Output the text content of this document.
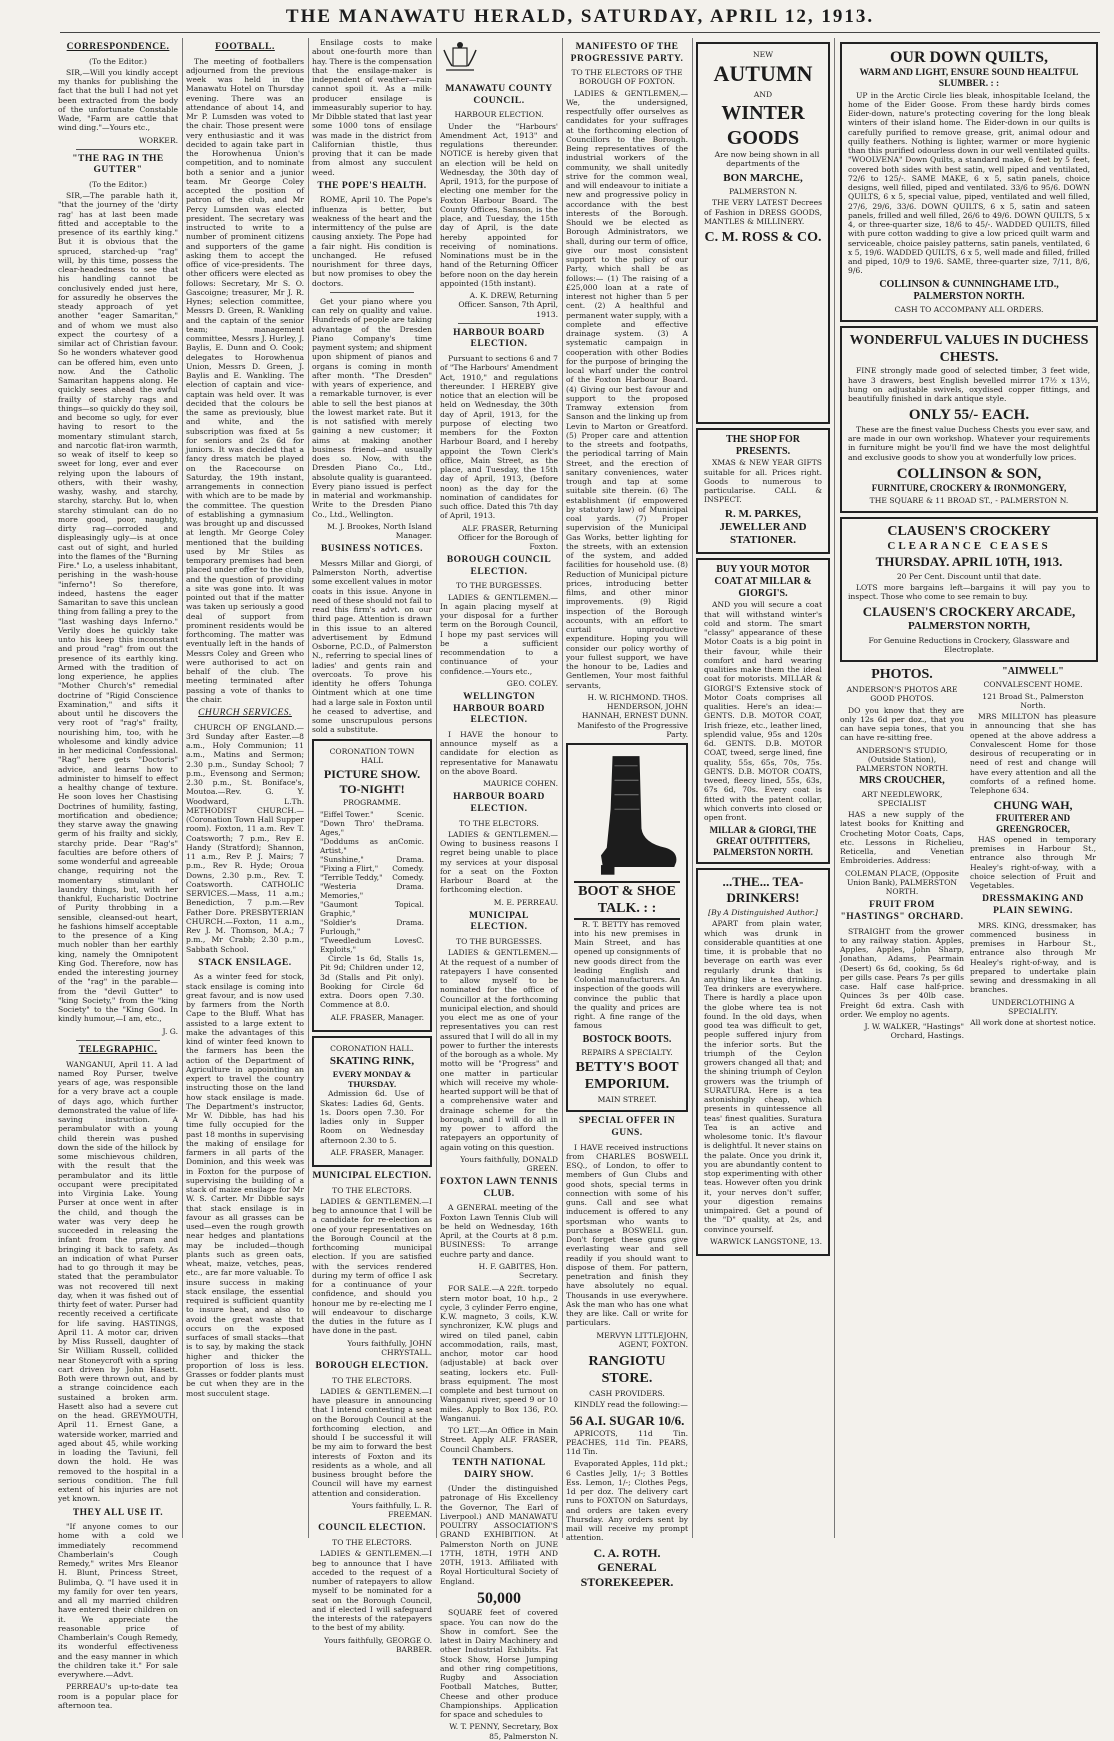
THE MANAWATU HERALD, SATURDAY, APRIL 12, 1913.
CORRESPONDENCE.
(To the Editor.)

SIR,—Will you kindly accept my thanks for publishing the fact that the bull I had not yet been extracted from the body of the unfortunate Constable Wade, "Farm are cattle that wind ding."—Yours etc.,

WORKER.
"THE RAG IN THE GUTTER"
(To the Editor.)

SIR,—The parable hath it, "that the journey of the 'dirty rag' has at last been made fitted and acceptable to the presence of its earthly king." But it is obvious that the spruced, starched-up "rag" will, by this time, possess the clear-headedness to see that his handling cannot be conclusively ended just here, for assuredly he observes the steady approach of yet another "eager Samaritan," and of whom we must also expect the courtesy of a similar act of Christian favour. So he wonders whatever good can be offered him, even unto now. And the Catholic Samaritan happens along. He quickly sees ahead the awful frailty of starchy rags and things—so quickly do they soil, and become so ugly, for ever having to resort to the momentary stimulant starch, and narcotic flat-iron warmth, so weak of itself to keep so sweet for long, ever and ever relying upon the labours of others, with their washy, washy, washy, and starchy, starchy, starchy. But lo, when starchy stimulant can do no more good, poor, naughty, dirty rag—corroded and displeasingly ugly—is at once cast out of sight, and hurled into the flames of the "Burning Fire." Lo, a useless inhabitant, perishing in the wash-house "inferno"! So therefore, indeed, hastens the eager Samaritan to save this unclean thing from falling a prey to the "last washing days Inferno." Verily does he quickly take unto his keep this inconstant and proud "rag" from out the presence of its earthly king. Armed with the tradition of long experience, he applies "Mother Church's" remedial doctrine of "Rigid Conscience Examination," and sifts it about until he discovers the very root of "rag's" frailty, nourishing him, too, with he wholesome and kindly advice in her medicinal Confessional. "Rag" here gets "Doctoris" advice, and learns how to administer to himself to effect a healthy change of texture. He soon loves her Chastising Doctrines of humility, fasting, mortification and obedience; they starve away the gnawing germ of his frailty and sickly, starchy pride. Dear "Rag's" faculties are before others of some wonderful and agreeable change, requiring not the momentary stimulant of laundry things, but, with her thankful, Eucharistic Doctrine of Purity throbbing in a sensible, cleansed-out heart, he fashions himself acceptable to the presence of a King much nobler than her earthly king, namely the Omnipotent King God. Therefore, now has ended the interesting journey of the "rag" in the parable—from the "devil Gutter" to "king Society," from the "king Society" to the "King God. In kindly humour,—I am, etc.,

J. G.
TELEGRAPHIC.

WANGANUI, April 11. A lad named Roy Purser, twelve years of age, was responsible for a very brave act a couple of days ago, which further demonstrated the value of life-saving instruction. A perambulator with a young child therein was pushed down the side of the hillock by some mischievous children, with the result that the perambulator and its little occupant were precipitated into Virginia Lake. Young Purser at once went in after the child, and though the water was very deep he succeeded in releasing the infant from the pram and bringing it back to safety. As an indication of what Purser had to go through it may be stated that the perambulator was not recovered till next day, when it was fished out of thirty feet of water. Purser had recently received a certificate for life saving. HASTINGS, April 11. A motor car, driven by Miss Russell, daughter of Sir William Russell, collided near Stoneycroft with a spring cart driven by John Hasett. Both were thrown out, and by a strange coincidence each sustained a broken arm. Hasett also had a severe cut on the head. GREYMOUTH, April 11. Ernest Gane, a waterside worker, married and aged about 45, while working in loading the Taviuni, fell down the hold. He was removed to the hospital in a serious condition. The full extent of his injuries are not yet known.

THEY ALL USE IT.

"If anyone comes to our home with a cold we immediately recommend Chamberlain's Cough Remedy," writes Mrs Eleanor H. Blunt, Princess Street, Bulimba, Q. "I have used it in my family for over ten years, and all my married children have entered their children on it. We appreciate the reasonable price of Chamberlain's Cough Remedy, its wonderful effectiveness and the easy manner in which the children take it." For sale everywhere.—Advt.

PERREAU's up-to-date tea room is a popular place for afternoon tea.

FOOTBALL.

The meeting of footballers adjourned from the previous week was held in the Manawatu Hotel on Thursday evening. There was an attendance of about 14, and Mr P. Lumsden was voted to the chair. Those present were very enthusiastic and it was decided to again take part in the Horowhenua Union's competition, and to nominate both a senior and a junior team. Mr George Coley accepted the position of patron of the club, and Mr Percy Lumsden was elected president. The secretary was instructed to write to a number of prominent citizens and supporters of the game asking them to accept the office of vice-presidents. The other officers were elected as follows: Secretary, Mr S. O. Gascoigne; treasurer, Mr J. R. Hynes; selection committee, Messrs D. Green, R. Wankling and the captain of the senior team; management committee, Messrs J. Hurley, J. Baylis, E. Dunn and O. Cook; delegates to Horowhenua Union, Messrs D. Green, J. Baylis and E. Wankling. The election of captain and vice-captain was held over. It was decided that the colours be the same as previously, blue and white, and the subscription was fixed at 5s for seniors and 2s 6d for juniors. It was decided that a fancy dress match be played on the Racecourse on Saturday, the 19th instant, arrangements in connection with which are to be made by the committee. The question of establishing a gymnasium was brought up and discussed at length. Mr George Coley mentioned that the building used by Mr Stiles as temporary premises had been placed under offer to the club, and the question of providing a site was gone into. It was pointed out that if the matter was taken up seriously a good deal of support from prominent residents would be forthcoming. The matter was eventually left in the hands of Messrs Coley and Green who were authorised to act on behalf of the club. The meeting terminated after passing a vote of thanks to the chair.

CHURCH SERVICES.

CHURCH OF ENGLAND.—3rd Sunday after Easter.—8 a.m., Holy Communion; 11 a.m., Matins and Sermon; 2.30 p.m., Sunday School; 7 p.m., Evensong and Sermon; 2.30 p.m., St. Boniface's, Moutoa.—Rev. G. Y. Woodward, L.Th. METHODIST CHURCH.—(Coronation Town Hall Supper room). Foxton, 11 a.m. Rev T. Coatsworth; 7 p.m., Rev E. Handy (Stratford); Shannon, 11 a.m., Rev P. J. Mairs; 7 p.m., Rev R. Hyde; Oroua Downs, 2.30 p.m., Rev. T. Coatsworth. CATHOLIC SERVICES.—Mass, 11 a.m.; Benediction, 7 p.m.—Rev Father Dore. PRESBYTERIAN CHURCH.—Foxton, 11 a.m., Rev J. M. Thomson, M.A.; 7 p.m., Mr Crabb; 2.30 p.m., Sabbath School.

STACK ENSILAGE.

As a winter feed for stock, stack ensilage is coming into great favour, and is now used by farmers from the North Cape to the Bluff. What has assisted to a large extent to make the advantages of this kind of winter feed known to the farmers has been the action of the Department of Agriculture in appointing an expert to travel the country instructing those on the land how stack ensilage is made. The Department's instructor, Mr W. Dibble, has had his time fully occupied for the past 18 months in supervising the making of ensilage for farmers in all parts of the Dominion, and this week was in Foxton for the purpose of supervising the building of a stack of maize ensilage for Mr W. S. Carter. Mr Dibble says that stack ensilage is in favour as all grasses can be used—even the rough growth near hedges and plantations may be included—though plants such as green oats, wheat, maize, vetches, peas, etc., are far more valuable. To insure success in making stack ensilage, the essential required is sufficient quantity to insure heat, and also to avoid the great waste that occurs on the exposed surfaces of small stacks—that is to say, by making the stack higher and thicker the proportion of loss is less. Grasses or fodder plants must be cut when they are in the most succulent stage.

Ensilage costs to make about one-fourth more than hay. There is the compensation that the ensilage-maker is independent of weather—rain cannot spoil it. As a milk-producer ensilage is immeasurably superior to hay. Mr Dibble stated that last year some 1000 tons of ensilage was made in the district from Californian thistle, thus proving that it can be made from almost any succulent weed.

THE POPE'S HEALTH.

ROME, April 10. The Pope's influenza is better, but weakness of the heart and the intermittency of the pulse are causing anxiety. The Pope had a fair night. His condition is unchanged. He refused nourishment for three days, but now promises to obey the doctors.

Get your piano where you can rely on quality and value. Hundreds of people are taking advantage of the Dresden Piano Company's time payment system; and shipment upon shipment of pianos and organs is coming in month after month. "The Dresden" with years of experience, and a remarkable turnover, is ever able to sell the best pianos at the lowest market rate. But it is not satisfied with merely gaining a new customer; it aims at making another business friend—and usually does so. Now, with the Dresden Piano Co., Ltd., absolute quality is guaranteed. Every piano issued is perfect in material and workmanship. Write to the Dresden Piano Co., Ltd., Wellington.

M. J. Brookes, North Island Manager.
BUSINESS NOTICES.

Messrs Millar and Giorgi, of Palmerston North, advertise some excellent values in motor coats in this issue. Anyone in need of these should not fail to read this firm's advt. on our third page. Attention is drawn in this issue to an altered advertisement by Edmund Osborne, P.C.D., of Palmerston N., referring to special lines of ladies' and gents rain and overcoats. To prove his identity he offers Tohunga Ointment which at one time had a large sale in Foxton until he ceased to advertise, and some unscrupulous persons sold a substitute.

CORONATION TOWN HALL
PICTURE SHOW.
TO-NIGHT!
PROGRAMME.
"Eiffel Tower."	Scenic.
"Down Thro' the Ages,"
Drama.
"Doddums as an Artist,"
Comic.
"Sunshine,"	Drama.
"Fixing a Flirt," Comedy.
"Terrible Teddy," Comedy.
"Westeria Memories,"
Drama.
"Gaumont Graphic,"
Topical.
"Soldier's Furlough,"
Drama.
"Tweedledum Loves Exploits,"
C.

Circle 1s 6d, Stalls 1s, Pit 9d; Children under 12, 3d (Stalls and Pit only). Booking for Circle 6d extra. Doors open 7.30. Commence at 8.0.

ALF. FRASER, Manager.
CORONATION HALL.
SKATING RINK,
EVERY MONDAY & THURSDAY.

Admission 6d. Use of Skates: Ladies 6d, Gents. 1s. Doors open 7.30. For ladies only in Supper Room on Wednesday afternoon 2.30 to 5.

ALF. FRASER, Manager.
MUNICIPAL ELECTION.
TO THE ELECTORS.

LADIES & GENTLEMEN.—I beg to announce that I will be a candidate for re-election as one of your representatives on the Borough Council at the forthcoming municipal election. If you are satisfied with the services rendered during my term of office I ask for a continuance of your confidence, and should you honour me by re-electing me I will endeavour to discharge the duties in the future as I have done in the past.

Yours faithfully, JOHN CHRYSTALL.
BOROUGH ELECTION.
TO THE ELECTORS.

LADIES & GENTLEMEN.—I have pleasure in announcing that I intend contesting a seat on the Borough Council at the forthcoming election, and should I be successful it will be my aim to forward the best interests of Foxton and its residents as a whole, and all business brought before the Council will have my earnest attention and consideration.

Yours faithfully, L. R. FREEMAN.
COUNCIL ELECTION.
TO THE ELECTORS.

LADIES & GENTLEMEN.—I beg to announce that I have acceded to the request of a number of ratepayers to allow myself to be nominated for a seat on the Borough Council, and if elected I will safeguard the interests of the ratepayers to the best of my ability.

Yours faithfully, GEORGE O. BARBER.
MANAWATU COUNTY COUNCIL.
HARBOUR ELECTION.

Under the "Harbours' Amendment Act, 1913" and regulations thereunder. NOTICE is hereby given that an election will be held on Wednesday, the 30th day of April, 1913, for the purpose of electing one member for the Foxton Harbour Board. The County Offices, Sanson, is the place, and Tuesday, the 15th day of April, is the date hereby appointed for receiving of nominations. Nominations must be in the hand of the Returning Officer before noon on the day herein appointed (15th instant).

A. K. DREW, Returning Officer. Sanson, 7th April, 1913.
HARBOUR BOARD ELECTION.

Pursuant to sections 6 and 7 of "The Harbours' Amendment Act, 1910," and regulations thereunder. I HEREBY give notice that an election will be held on Wednesday, the 30th day of April, 1913, for the purpose of electing two members for the Foxton Harbour Board, and I hereby appoint the Town Clerk's office, Main Street, as the place, and Tuesday, the 15th day of April, 1913, (before noon) as the day for the nomination of candidates for such office. Dated this 7th day of April, 1913.

ALF. FRASER, Returning Officer for the Borough of Foxton.
BOROUGH COUNCIL ELECTION.
TO THE BURGESSES.

LADIES & GENTLEMEN.—In again placing myself at your disposal for a further term on the Borough Council, I hope my past services will be a sufficient recommendation to a continuance of your confidence.—Yours etc.,

GEO. COLEY.
WELLINGTON HARBOUR BOARD ELECTION.

I HAVE the honour to announce myself as a candidate for election as representative for Manawatu on the above Board.

MAURICE COHEN.
HARBOUR BOARD ELECTION.
TO THE ELECTORS.

LADIES & GENTLEMEN.—Owing to business reasons I regret being unable to place my services at your disposal for a seat on the Foxton Harbour Board at the forthcoming election.

M. E. PERREAU.
MUNICIPAL ELECTION.
TO THE BURGESSES.

LADIES & GENTLEMEN.—At the request of a number of ratepayers I have consented to allow myself to be nominated for the office of Councillor at the forthcoming municipal election, and should you elect me as one of your representatives you can rest assured that I will do all in my power to further the interests of the borough as a whole. My motto will be "Progress" and one matter in particular which will receive my whole-hearted support will be that of a comprehensive water and drainage scheme for the borough, and I will do all in my power to afford the ratepayers an opportunity of again voting on this question.

Yours faithfully, DONALD GREEN.
FOXTON LAWN TENNIS CLUB.

A GENERAL meeting of the Foxton Lawn Tennis Club will be held on Wednesday, 16th April, at the Courts at 8 p.m. BUSINESS: To arrange euchre party and dance.

H. F. GABITES, Hon. Secretary.

FOR SALE.—A 22ft. torpedo stern motor boat, 10 h.p., 2 cycle, 3 cylinder Ferro engine, K.W. magneto, 3 coils, K.W. synchronizer, K.W. plugs and wired on tiled panel, cabin accommodation, rails, mast, anchor, motor car hood (adjustable) at back over seating, lockers etc. Full-brass equipment. The most complete and best turnout on Wanganui river, speed 9 or 10 miles. Apply to Box 136, P.O. Wanganui.

TO LET.—An Office in Main Street. Apply ALF. FRASER, Council Chambers.

TENTH NATIONAL DAIRY SHOW.

(Under the distinguished patronage of His Excellency the Governor, The Earl of Liverpool.) AND MANAWATU POULTRY ASSOCIATION'S GRAND EXHIBITION. At Palmerston North on JUNE 17TH, 18TH, 19TH AND 20TH, 1913. Affiliated with Royal Horticultural Society of England.

50,000

SQUARE feet of covered space. You can now do the Show in comfort. See the latest in Dairy Machinery and other Industrial Exhibits. Fat Stock Show, Horse Jumping and other ring competitions, Rugby and Association Football Matches, Butter, Cheese and other produce Championships. Application for space and schedules to

W. T. PENNY, Secretary, Box 85, Palmerston N.
MANIFESTO OF THE PROGRESSIVE PARTY.
TO THE ELECTORS OF THE BOROUGH OF FOXTON.

LADIES & GENTLEMEN,— We, the undersigned, respectfully offer ourselves as candidates for your suffrages at the forthcoming election of Councillors to the Borough. Being representatives of the industrial workers of the community, we shall unitedly strive for the common weal, and will endeavour to initiate a new and progressive policy in accordance with the best interests of the Borough. Should we be elected as Borough Administrators, we shall, during our term of office, give our most consistent support to the policy of our Party, which shall be as follows:— (1) The raising of a £25,000 loan at a rate of interest not higher than 5 per cent. (2) A healthful and permanent water supply, with a complete and effective drainage system. (3) A systematic campaign in cooperation with other Bodies for the purpose of bringing the local wharf under the control of the Foxton Harbour Board. (4) Giving our best favour and support to the proposed Tramway extension from Sanson and the linking up from Levin to Marton or Greatford. (5) Proper care and attention to the streets and footpaths, the periodical tarring of Main Street, and the erection of sanitary conveniences, water trough and tap at some suitable site therein. (6) The establishment (if empowered by statutory law) of Municipal coal yards. (7) Proper supervision of the Municipal Gas Works, better lighting for the streets, with an extension of the system, and added facilities for household use. (8) Reduction of Municipal picture prices, introducing better films, and other minor improvements. (9) Rigid inspection of the Borough accounts, with an effort to curtail unproductive expenditure. Hoping you will consider our policy worthy of your fullest support, we have the honour to be, Ladies and Gentlemen, Your most faithful servants,

H. W. RICHMOND. THOS. HENDERSON, JOHN HANNAH, ERNEST DUNN. Manifesto of the Progressive Party.
BOOT & SHOE TALK. : :

R. T. BETTY has removed into his new premises in Main Street, and has opened up consignments of new goods direct from the leading English and Colonial manufacturers. An inspection of the goods will convince the public that the quality and prices are right. A fine range of the famous

BOSTOCK BOOTS.
REPAIRS A SPECIALTY.
BETTY'S BOOT EMPORIUM.
MAIN STREET.
SPECIAL OFFER IN GUNS.

I HAVE received instructions from CHARLES BOSWELL ESQ., of London, to offer to members of Gun Clubs and good shots, special terms in connection with some of his guns. Call and see what inducement is offered to any sportsman who wants to purchase a BOSWELL gun. Don't forget these guns give everlasting wear and sell readily if you should want to dispose of them. For pattern, penetration and finish they have absolutely no equal. Thousands in use everywhere. Ask the man who has one what they are like. Call or write for particulars.

MERVYN LITTLEJOHN, AGENT, FOXTON.
RANGIOTU STORE.
CASH PROVIDERS.

KINDLY read the following:—

56 A.I. SUGAR 10/6.

APRICOTS, 11d Tin. PEACHES, 11d Tin. PEARS, 11d Tin.

Evaporated Apples, 11d pkt.; 6 Castles Jelly, 1/-; 3 Bottles Ess. Lemon, 1/-; Clothes Pegs, 1d per doz. The delivery cart runs to FOXTON on Saturdays, and orders are taken every Thursday. Any orders sent by mail will receive my prompt attention.

C. A. ROTH. GENERAL STOREKEEPER.
NEW
AUTUMN
AND
WINTER GOODS

Are now being shown in all departments of the

BON MARCHE,
PALMERSTON N.

THE VERY LATEST Decrees of Fashion in DRESS GOODS, MANTLES & MILLINERY.

C. M. ROSS & CO.
THE SHOP FOR PRESENTS.

XMAS & NEW YEAR GIFTS suitable for all. Prices right. Goods to numerous to particularise. CALL & INSPECT.

R. M. PARKES, JEWELLER AND STATIONER.
BUY YOUR MOTOR COAT AT MILLAR & GIORGI'S.

AND you will secure a coat that will withstand winter's cold and storm. The smart "classy" appearance of these Motor Coats is a big point in their favour, while their comfort and hard wearing qualities make them the ideal coat for motorists. MILLAR & GIORGI'S Extensive stock of Motor Coats comprises all qualities. Here's an idea:— GENTS. D.B. MOTOR COAT, Irish frieze, etc., leather lined, splendid value, 95s and 120s 6d. GENTS. D.B. MOTOR COAT, tweed, serge lined, fine quality, 55s, 65s, 70s, 75s. GENTS. D.B. MOTOR COATS, tweed, fleecy lined, 55s, 63s, 67s 6d, 70s. Every coat is fitted with the patent collar, which converts into closed or open front.

MILLAR & GIORGI, THE GREAT OUTFITTERS, PALMERSTON NORTH.
...THE... TEA-DRINKERS!
[By A Distinguished Author.]

APART from plain water, which was drunk in considerable quantities at one time, it is probable that no beverage on earth was ever regularly drunk that is anything like a tea drinking. Tea drinkers are everywhere. There is hardly a place upon the globe where tea is not found. In the old days, when good tea was difficult to get, people suffered injury from the inferior sorts. But the triumph of the Ceylon growers changed all that; and the shining triumph of Ceylon growers was the triumph of SURATURA. Here is a tea astonishingly cheap, which presents in quintessence all teas' finest qualities. Suratura Tea is an active and wholesome tonic. It's flavour is delightful. It never stains on the palate. Once you drink it, you are abundantly content to stop experimenting with other teas. However often you drink it, your nerves don't suffer, your digestion remains unimpaired. Get a pound of the "D" quality, at 2s, and convince yourself.

WARWICK LANGSTONE, 13.
OUR DOWN QUILTS,
WARM AND LIGHT, ENSURE SOUND HEALTFUL SLUMBER. : :

UP in the Arctic Circle lies bleak, inhospitable Iceland, the home of the Eider Goose. From these hardy birds comes Eider-down, nature's protecting covering for the long bleak winters of their island home. The Eider-down in our quilts is carefully purified to remove grease, grit, animal odour and quilly feathers. Nothing is lighter, warmer or more hygienic than this purified odourless down in our well ventilated quilts. "WOOLVENA" Down Quilts, a standard make, 6 feet by 5 feet, covered both sides with best satin, well piped and ventilated, 72/6 to 125/-. SAME MAKE, 6 x 5, satin panels, choice designs, well filled, piped and ventilated. 33/6 to 95/6. DOWN QUILTS, 6 x 5, special value, piped, ventilated and well filled, 27/6, 29/6, 33/6. DOWN QUILTS, 6 x 5, satin and sateen panels, frilled and well filled, 26/6 to 49/6. DOWN QUILTS, 5 x 4, or three-quarter size, 18/6 to 45/-. WADDED QUILTS, filled with pure cotton wadding to give a low priced quilt warm and serviceable, choice paisley patterns, satin panels, ventilated, 6 x 5, 19/6. WADDED QUILTS, 6 x 5, well made and filled, frilled and piped, 10/9 to 19/6. SAME, three-quarter size, 7/11, 8/6, 9/6.

COLLINSON & CUNNINGHAME LTD., PALMERSTON NORTH.
CASH TO ACCOMPANY ALL ORDERS.
WONDERFUL VALUES IN DUCHESS CHESTS.

FINE strongly made good of selected timber, 3 feet wide, have 3 drawers, best English bevelled mirror 17½ x 13½, hung on adjustable swivels, oxydised copper fittings, and beautifully finished in dark antique style.

ONLY 55/- EACH.

These are the finest value Duchess Chests you ever saw, and are made in our own workshop. Whatever your requirements in furniture might be you'll find we have the most delightful and exclusive goods to show you at wonderfully low prices.

COLLINSON & SON,
FURNITURE, CROCKERY & IRONMONGERY,
THE SQUARE & 11 BROAD ST., - PALMERSTON N.
CLAUSEN'S CROCKERY
CLEARANCE CEASES
THURSDAY. APRIL 10TH, 1913.
20 Per Cent. Discount until that date.

LOTS more bargains left—bargains it will pay you to inspect. Those who come to see remain to buy.

CLAUSEN'S CROCKERY ARCADE,
PALMERSTON NORTH,
For Genuine Reductions in Crockery, Glassware and Electroplate.
PHOTOS.
ANDERSON'S PHOTOS ARE GOOD PHOTOS.

DO you know that they are only 12s 6d per doz., that you can have sepia tones, that you can have re-sitting free.

ANDERSON'S STUDIO, (Outside Station), PALMERSTON NORTH.
MRS CROUCHER,
ART NEEDLEWORK, SPECIALIST

HAS a new supply of the latest books for Knitting and Crocheting Motor Coats, Caps, etc. Lessons in Richelieu, Reticella, and Venetian Embroideries. Address:

COLEMAN PLACE, (Opposite Union Bank), PALMERSTON NORTH.
FRUIT FROM "HASTINGS" ORCHARD.

STRAIGHT from the grower to any railway station. Apples, Apples, Apples, John Sharp, Jonathan, Adams, Pearmain (Desert) 6s 6d, cooking, 5s 6d per gills case. Pears 7s per gills case. Half case half-price. Quinces 3s per 40lb case. Freight 6d extra. Cash with order. We employ no agents.

J. W. WALKER, "Hastings" Orchard, Hastings.
"AIMWELL"
CONVALESCENT HOME.
121 Broad St., Palmerston North.

MRS MILLTON has pleasure in announcing that she has opened at the above address a Convalescent Home for those desirous of recuperating or in need of rest and change will have every attention and all the comforts of a refined home. Telephone 634.

CHUNG WAH,
FRUITERER AND GREENGROCER,

HAS opened in temporary premises in Harbour St., entrance also through Mr Healey's right-of-way, with a choice selection of Fruit and Vegetables.

DRESSMAKING AND PLAIN SEWING.

MRS. KING, dressmaker, has commenced business in premises in Harbour St., entrance also through Mr Healey's right-of-way, and is prepared to undertake plain sewing and dressmaking in all branches.

UNDERCLOTHING A SPECIALITY.
All work done at shortest notice.
